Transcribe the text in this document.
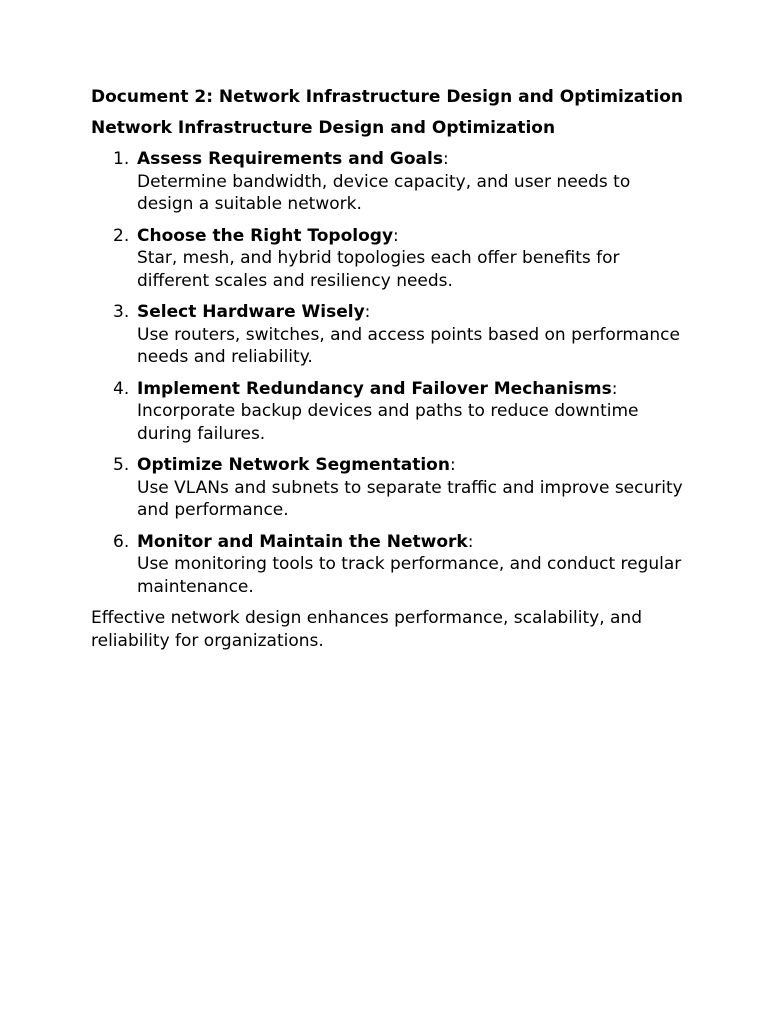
Document 2: Network Infrastructure Design and Optimization
Network Infrastructure Design and Optimization
1. Assess Requirements and Goals:
Determine bandwidth, device capacity, and user needs to design a suitable network.
2. Choose the Right Topology:
Star, mesh, and hybrid topologies each offer benefits for different scales and resiliency needs.
3. Select Hardware Wisely:
Use routers, switches, and access points based on performance needs and reliability.
4. Implement Redundancy and Failover Mechanisms:
Incorporate backup devices and paths to reduce downtime during failures.
5. Optimize Network Segmentation:
Use VLANs and subnets to separate traffic and improve security and performance.
6. Monitor and Maintain the Network:
Use monitoring tools to track performance, and conduct regular maintenance.

Effective network design enhances performance, scalability, and reliability for organizations.
